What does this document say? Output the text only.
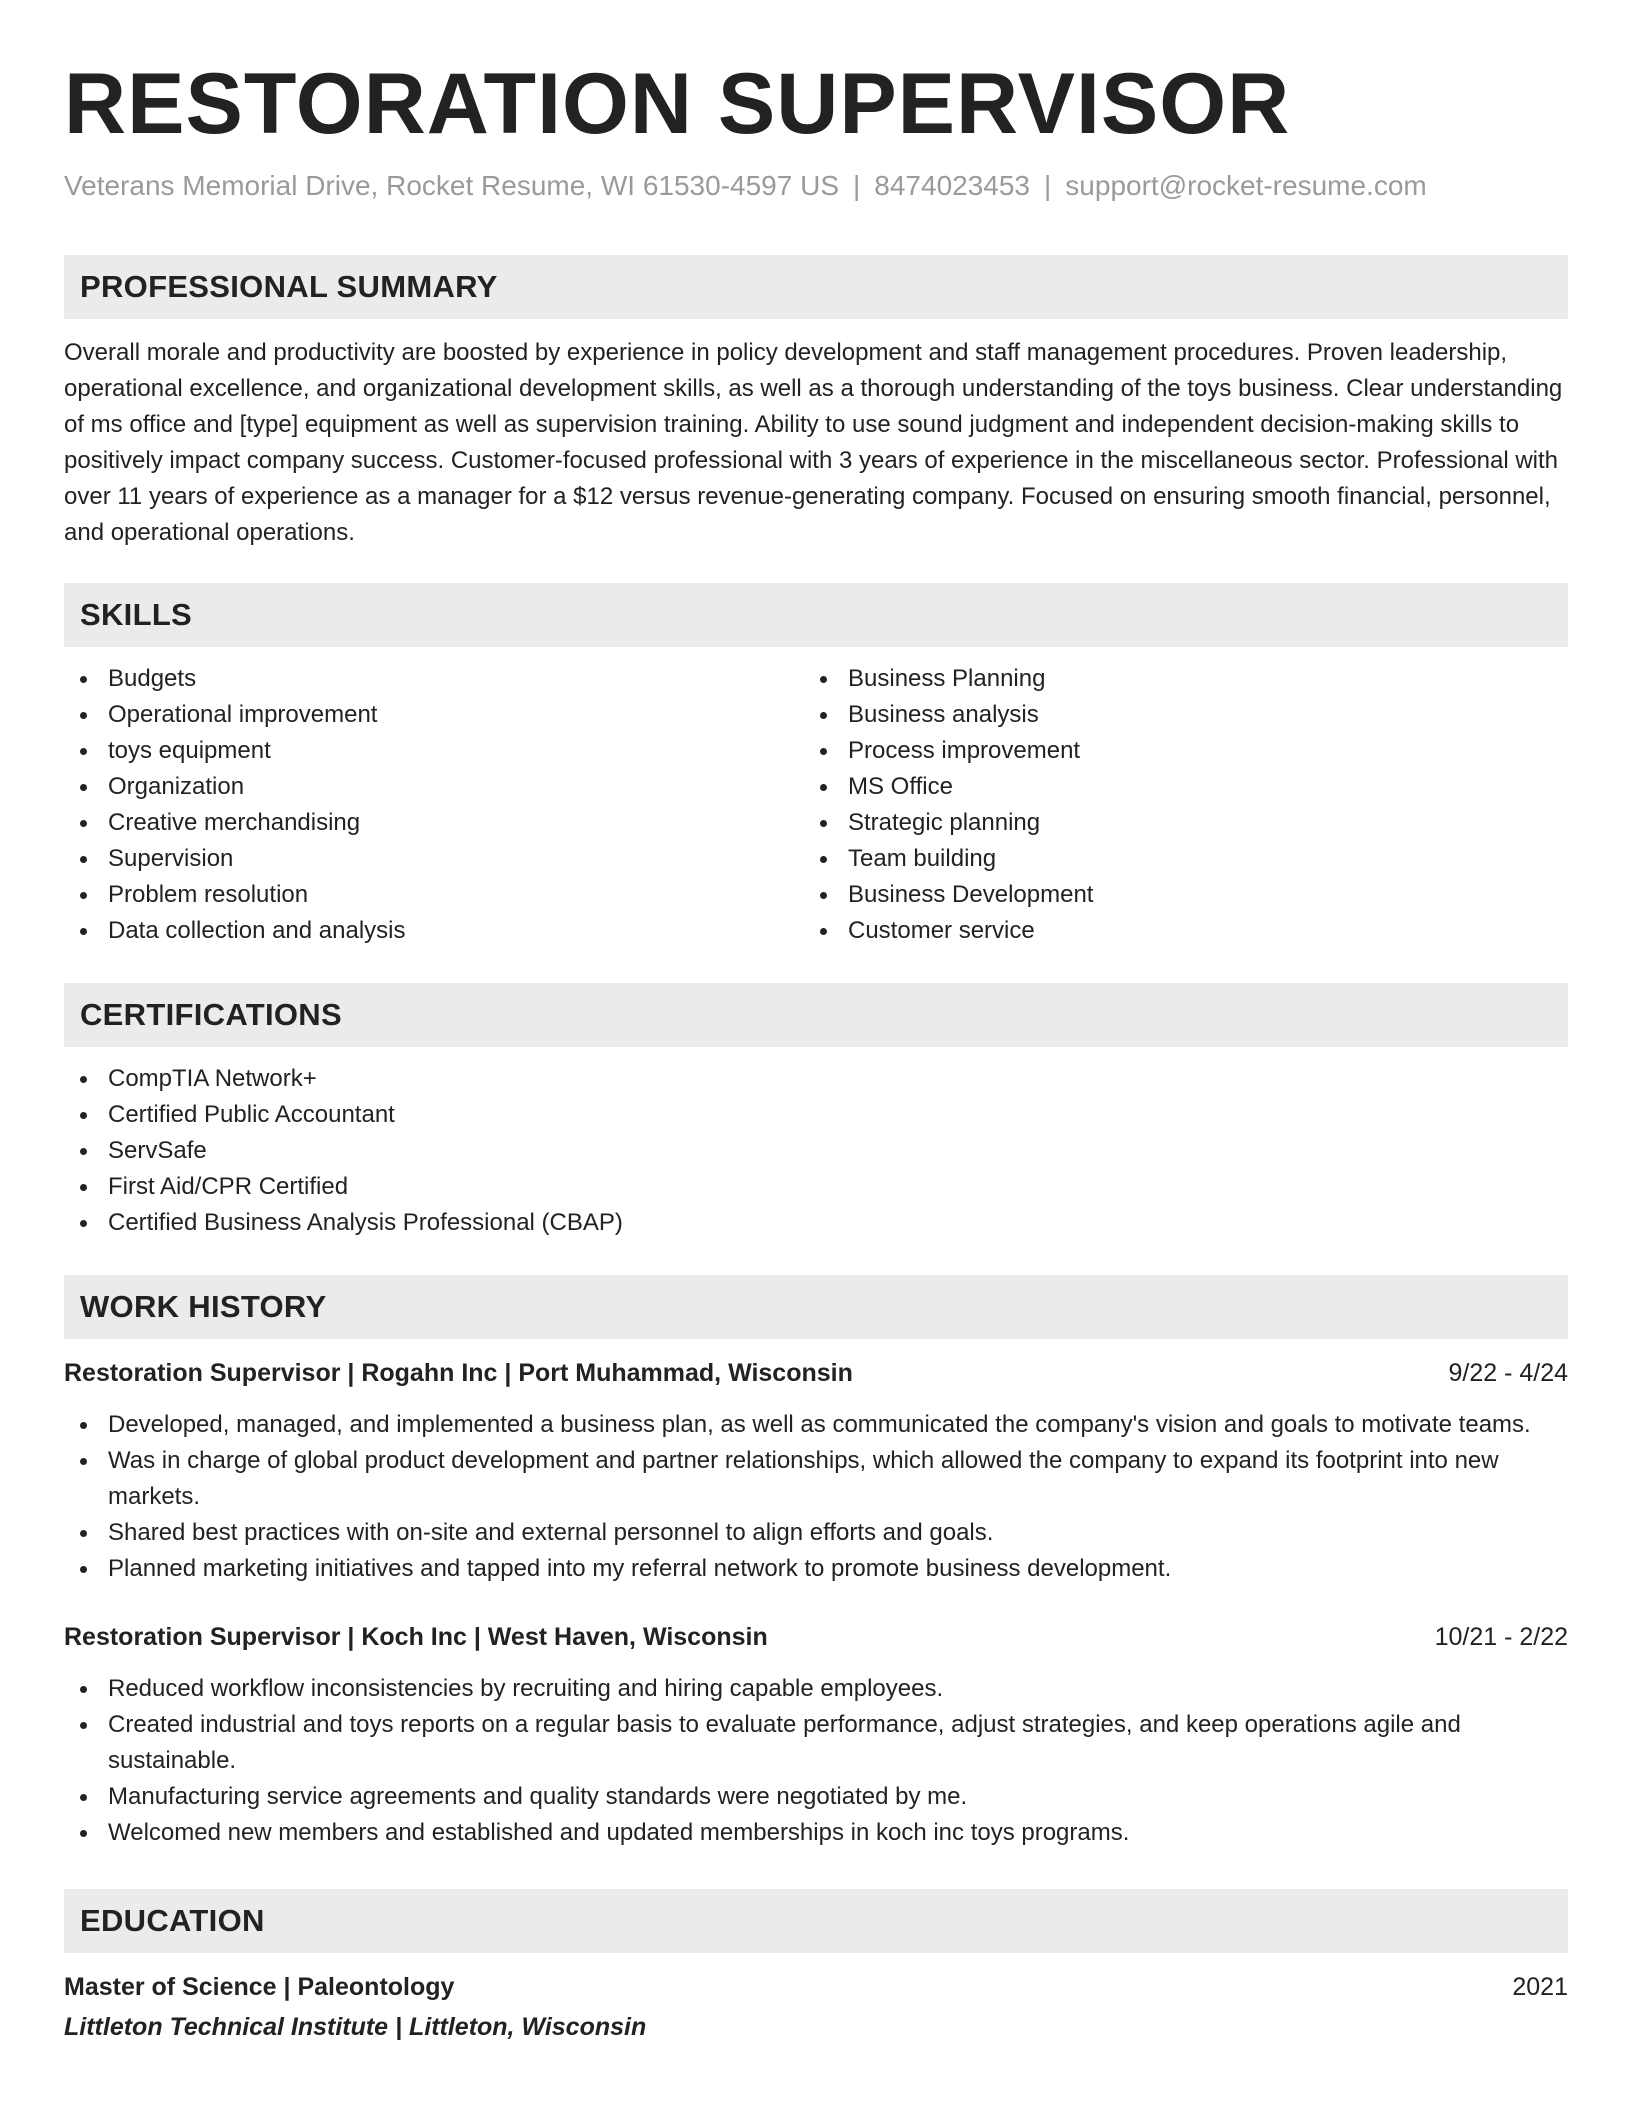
RESTORATION SUPERVISOR
Veterans Memorial Drive, Rocket Resume, WI 61530-4597 US | 8474023453 | support@rocket-resume.com
PROFESSIONAL SUMMARY

Overall morale and productivity are boosted by experience in policy development and staff management procedures. Proven leadership, operational excellence, and organizational development skills, as well as a thorough understanding of the toys business. Clear understanding of ms office and [type] equipment as well as supervision training. Ability to use sound judgment and independent decision-making skills to positively impact company success. Customer-focused professional with 3 years of experience in the miscellaneous sector. Professional with over 11 years of experience as a manager for a $12 versus revenue-generating company. Focused on ensuring smooth financial, personnel, and operational operations.

SKILLS
Budgets
Operational improvement
toys equipment
Organization
Creative merchandising
Supervision
Problem resolution
Data collection and analysis
Business Planning
Business analysis
Process improvement
MS Office
Strategic planning
Team building
Business Development
Customer service
CERTIFICATIONS
CompTIA Network+
Certified Public Accountant
ServSafe
First Aid/CPR Certified
Certified Business Analysis Professional (CBAP)
WORK HISTORY
Restoration Supervisor | Rogahn Inc | Port Muhammad, Wisconsin	9/22 - 4/24
Developed, managed, and implemented a business plan, as well as communicated the company's vision and goals to motivate teams.
Was in charge of global product development and partner relationships, which allowed the company to expand its footprint into new markets.
Shared best practices with on-site and external personnel to align efforts and goals.
Planned marketing initiatives and tapped into my referral network to promote business development.
Restoration Supervisor | Koch Inc | West Haven, Wisconsin	10/21 - 2/22
Reduced workflow inconsistencies by recruiting and hiring capable employees.
Created industrial and toys reports on a regular basis to evaluate performance, adjust strategies, and keep operations agile and sustainable.
Manufacturing service agreements and quality standards were negotiated by me.
Welcomed new members and established and updated memberships in koch inc toys programs.
EDUCATION
Master of Science | Paleontology	2021
Littleton Technical Institute | Littleton, Wisconsin
